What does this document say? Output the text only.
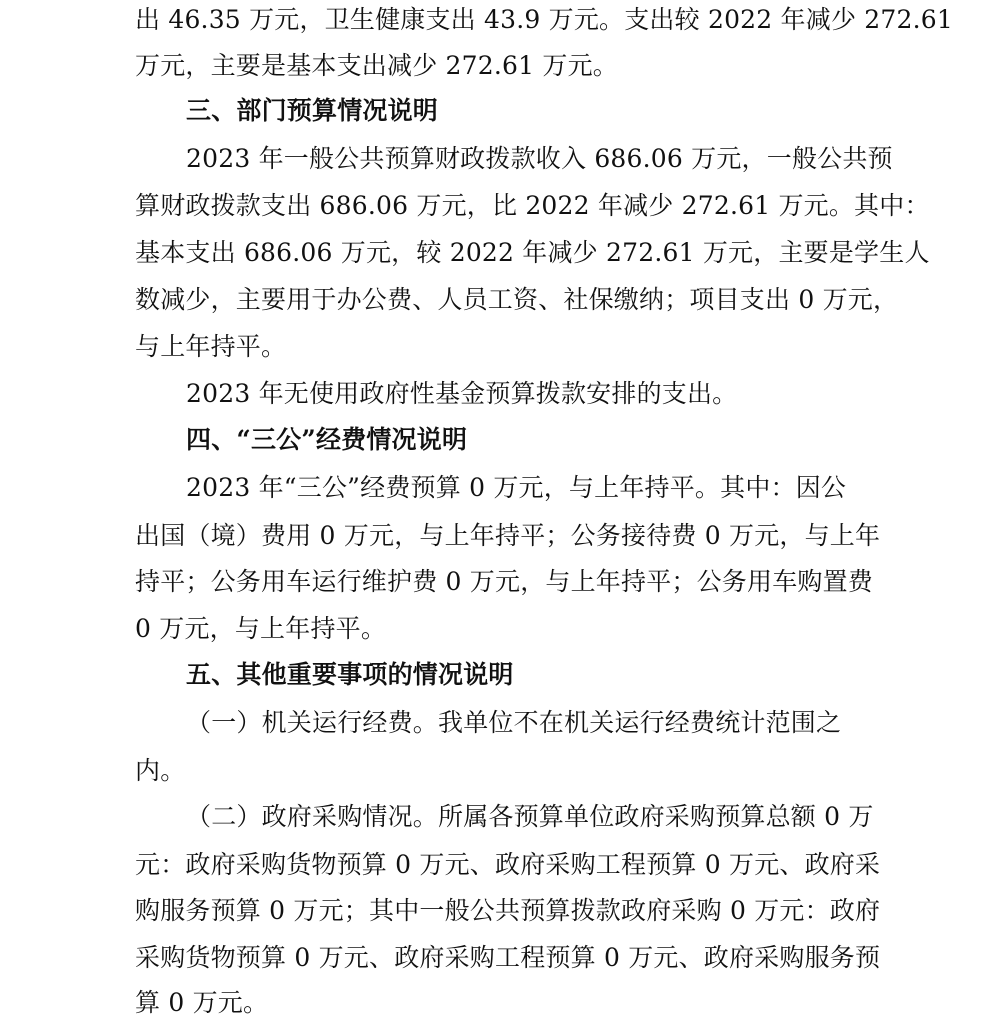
出 46.35 万元，卫生健康支出 43.9 万元。支出较 2022 年减少 272.61
万元，主要是基本支出减少 272.61 万元。
三、部门预算情况说明
2023 年一般公共预算财政拨款收入 686.06 万元，一般公共预
算财政拨款支出 686.06 万元，比 2022 年减少 272.61 万元。其中：
基本支出 686.06 万元，较 2022 年减少 272.61 万元，主要是学生人
数减少，主要用于办公费、人员工资、社保缴纳；项目支出 0 万元，
与上年持平。
2023 年无使用政府性基金预算拨款安排的支出。
四、“三公”经费情况说明
2023 年“三公”经费预算 0 万元，与上年持平。其中：因公
出国（境）费用 0 万元，与上年持平；公务接待费 0 万元，与上年
持平；公务用车运行维护费 0 万元，与上年持平；公务用车购置费
0 万元，与上年持平。
五、其他重要事项的情况说明
（一）机关运行经费。我单位不在机关运行经费统计范围之
内。
（二）政府采购情况。所属各预算单位政府采购预算总额 0 万
元：政府采购货物预算 0 万元、政府采购工程预算 0 万元、政府采
购服务预算 0 万元；其中一般公共预算拨款政府采购 0 万元：政府
采购货物预算 0 万元、政府采购工程预算 0 万元、政府采购服务预
算 0 万元。
